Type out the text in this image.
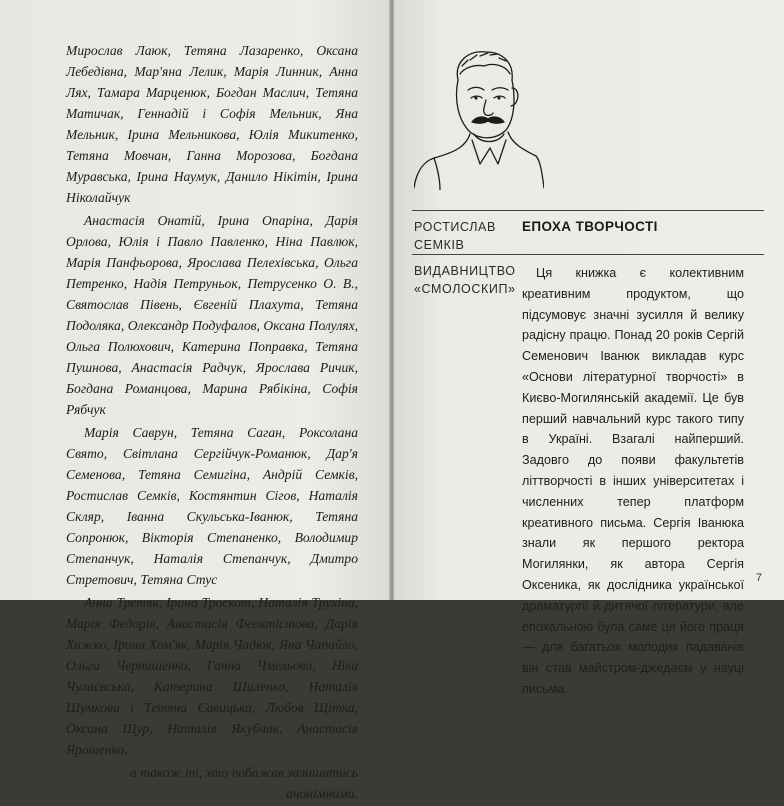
Мирослав Лаюк, Тетяна Лазаренко, Оксана Лебедівна, Мар'яна Лелик, Марія Линник, Анна Лях, Тамара Марценюк, Богдан Маслич, Тетяна Матичак, Геннадій і Софія Мельник, Яна Мельник, Ірина Мельникова, Юлія Микитенко, Тетяна Мовчан, Ганна Морозова, Богдана Муравська, Ірина Наумук, Данило Нікітін, Ірина Ніколайчук

Анастасія Онатій, Ірина Опаріна, Дарія Орлова, Юлія і Павло Павленко, Ніна Павлюк, Марія Панфьорова, Ярослава Пелехівська, Ольга Петренко, Надія Петруньок, Петрусенко О. В., Святослав Півень, Євгеній Плахута, Тетяна Подоляка, Олександр Подуфалов, Оксана Полулях, Ольга Полюхович, Катерина Поправка, Тетяна Пушнова, Анастасія Радчук, Ярослава Ричик, Богдана Романцова, Марина Рябікіна, Софія Рябчук

Марія Саврун, Тетяна Саган, Роксолана Свято, Світлана Сергійчук-Романюк, Дар'я Семенова, Тетяна Семигіна, Андрій Семків, Ростислав Семків, Костянтин Сігов, Наталія Скляр, Іванна Скульська-Іванюк, Тетяна Сопронюк, Вікторія Степаненко, Володимир Степанчук, Наталія Степанчук, Дмитро Стретович, Тетяна Стус

Анна Третяк, Ірина Троскот, Наталія Трухіна, Марія Федорів, Анастасія Феоктістова, Дарія Хижко, Ірина Хом'як, Марія Чадюк, Яна Чапайло, Ольга Чернишенко, Ганна Чмельова, Ніка Чулаєвська, Катерина Шиленко, Наталія Шумкова і Тетяна Савицька, Любов Щітка, Оксана Щур, Наталія Якубчак, Анастасія Ярошенко,

а також ті, хто побажав залишитись анонімними.

РОСТИСЛАВ СЕМКІВ
ЕПОХА ТВОРЧОСТІ
ВИДАВНИЦТВО «СМОЛОСКИП»

Ця книжка є колективним креативним продуктом, що підсумовує значні зусилля й велику радісну працю. Понад 20 років Сергій Семенович Іванюк викладав курс «Основи літературної творчості» в Києво-Могилянській академії. Це був перший навчальний курс такого типу в Україні. Взагалі найперший. Задовго до появи факультетів літтворчості в інших університетах і численних тепер платформ креативного письма. Сергія Іванюка знали як першого ректора Могилянки, як автора Сергія Оксеника, як дослідника української драматургії й дитячої літератури, але епохальною була саме ця його праця — для багатьох молодих падаванів він став майстром-джедаєм у науці письма.

7
